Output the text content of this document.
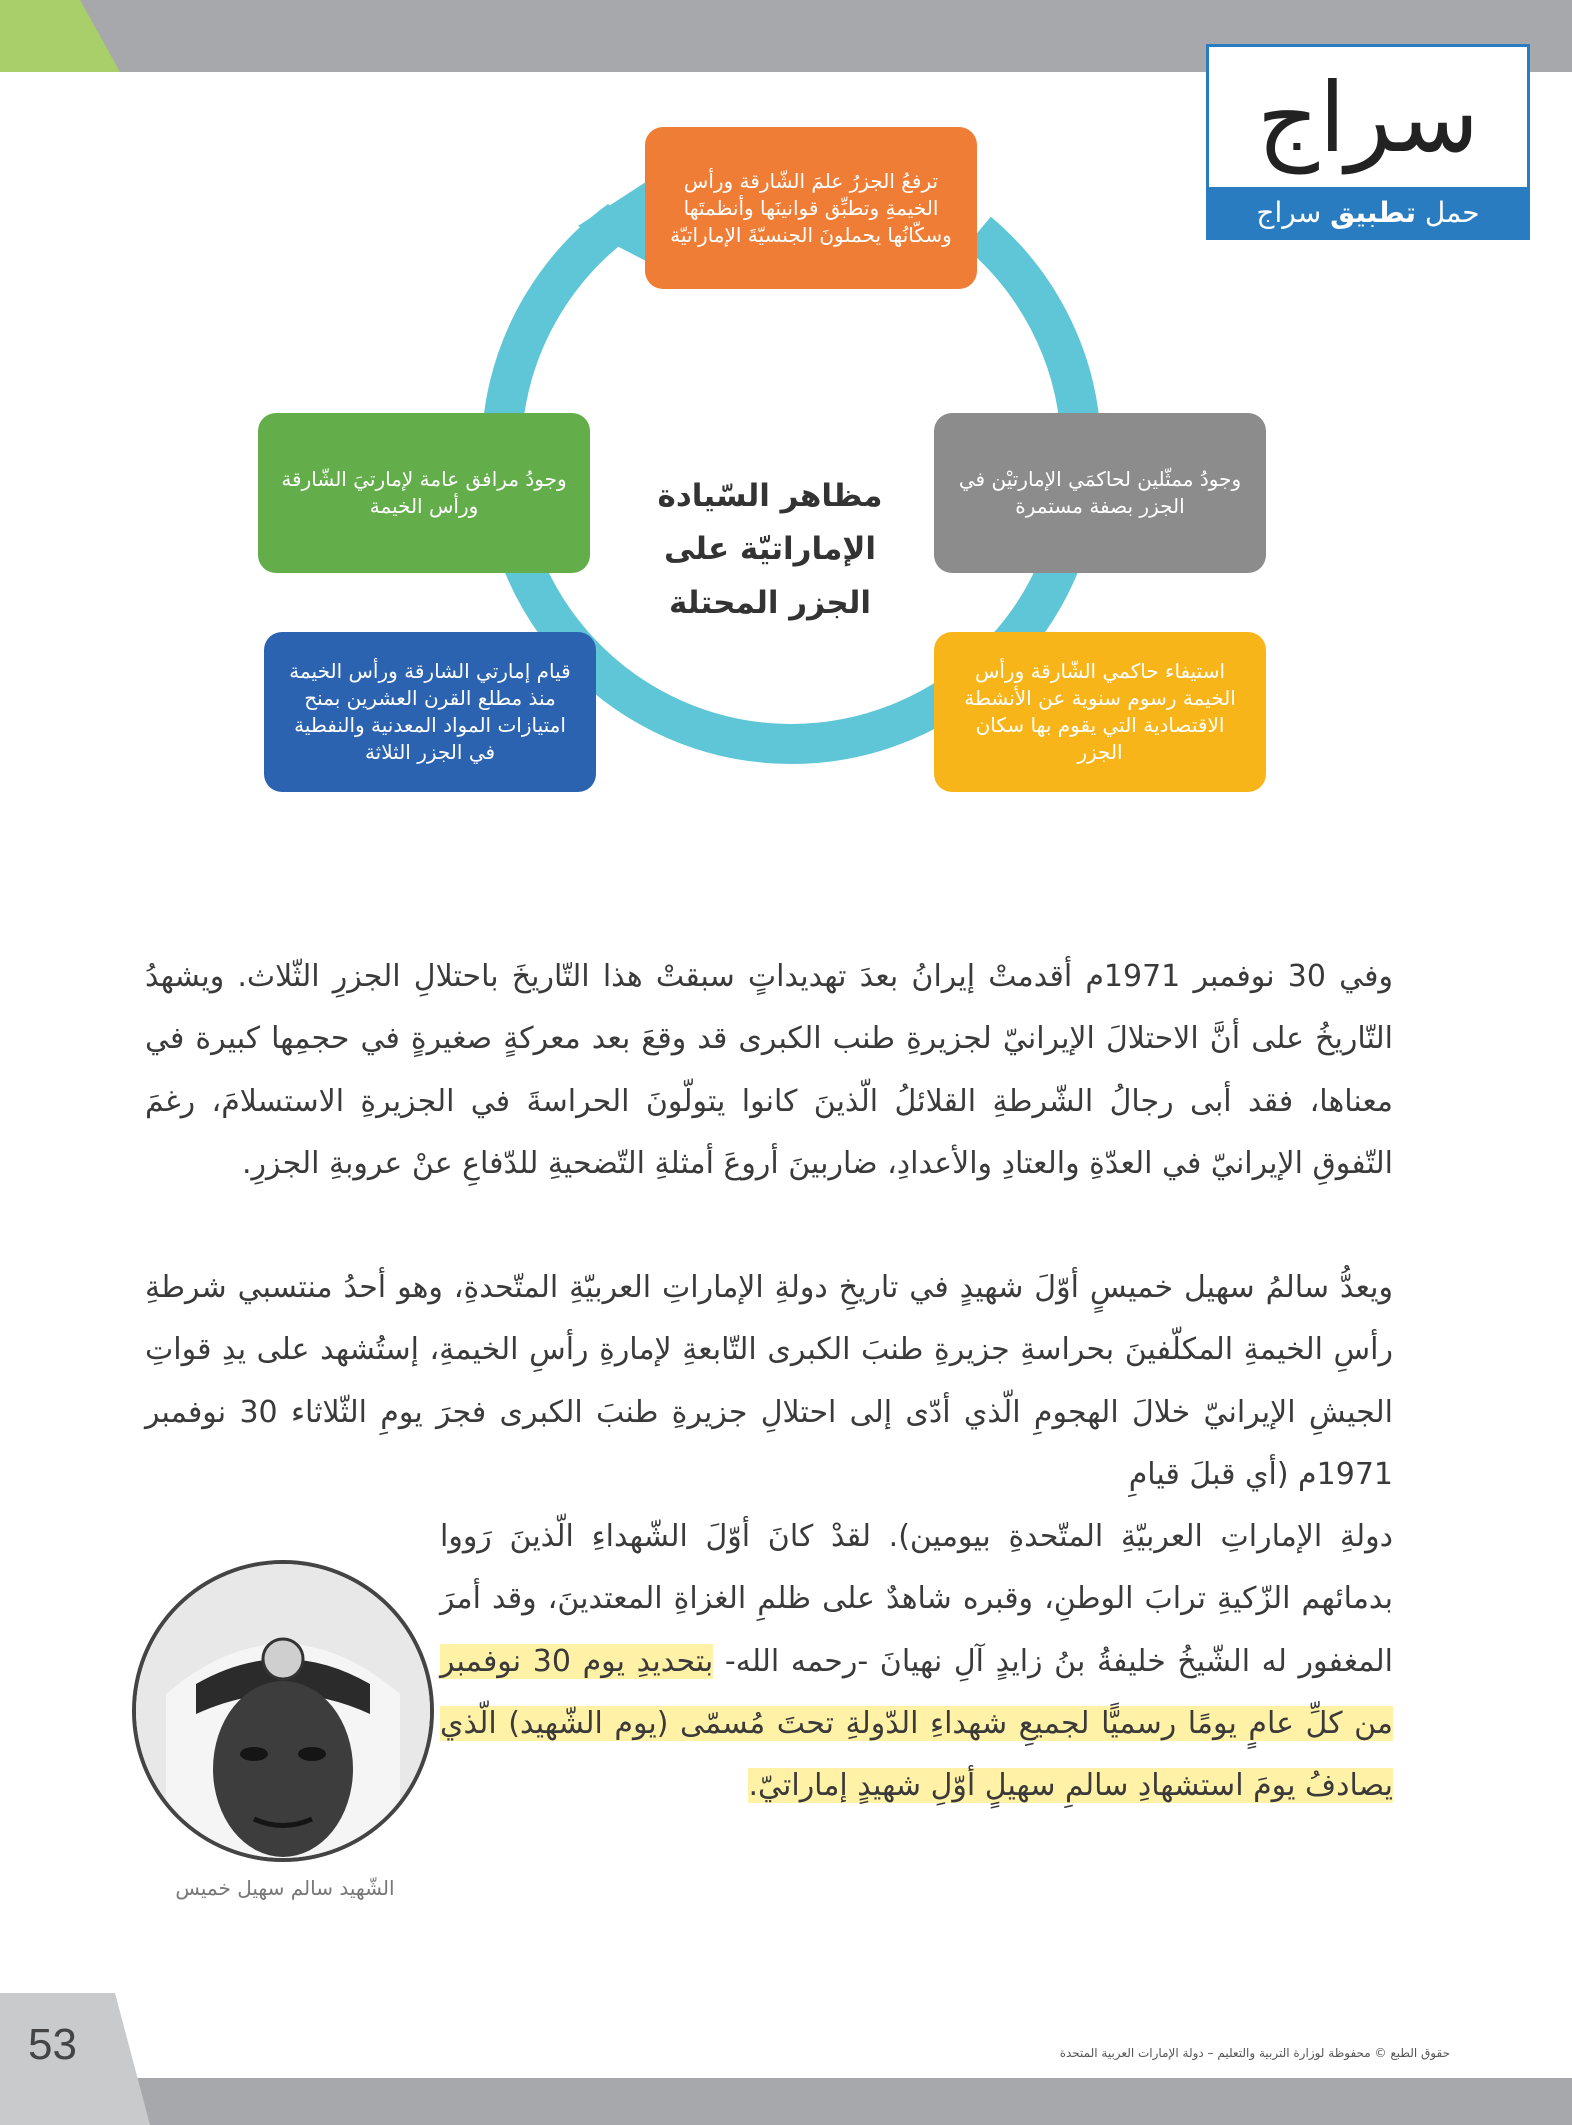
سراج
حمل

تطبيق

سراج
ترفعُ الجزرُ علمَ الشّارقة ورأس الخيمةِ وتطبِّق قوانينَها وأنظمتَها وسكّانُها يحملونَ الجنسيّةَ الإماراتيّة
وجودُ ممثّلين لحاكمَي الإمارتيْن في الجزر بصفة مستمرة
وجودُ مرافق عامة لإمارتيَ الشّارقة ورأس الخيمة
استيفاء حاكمي الشّارقة ورأس الخيمة رسوم سنوية عن الأنشطة الاقتصادية التي يقوم بها سكان الجزر
قيام إمارتي الشارقة ورأس الخيمة منذ مطلع القرن العشرين بمنح امتيازات المواد المعدنية والنفطية في الجزر الثلاثة
مظاهر السّيادة
الإماراتيّة على
الجزر المحتلة
وفي 30 نوفمبر 1971م أقدمتْ إيرانُ بعدَ تهديداتٍ سبقتْ هذا التّاريخَ باحتلالِ الجزرِ الثّلاث. ويشهدُ التّاريخُ على أنَّ الاحتلالَ الإيرانيّ لجزيرةِ طنب الكبرى قد وقعَ بعد معركةٍ صغيرةٍ في حجمِها كبيرة في معناها، فقد أبى رجالُ الشّرطةِ القلائلُ الّذينَ كانوا يتولّونَ الحراسةَ في الجزيرةِ الاستسلامَ، رغمَ التّفوقِ الإيرانيّ في العدّةِ والعتادِ والأعدادِ، ضاربينَ أروعَ أمثلةِ التّضحيةِ للدّفاعِ عنْ عروبةِ الجزرِ.
ويعدُّ سالمُ سهيل خميسٍ أوّلَ شهيدٍ في تاريخِ دولةِ الإماراتِ العربيّةِ المتّحدةِ، وهو أحدُ منتسبي شرطةِ رأسِ الخيمةِ المكلّفينَ بحراسةِ جزيرةِ طنبَ الكبرى التّابعةِ لإمارةِ رأسِ الخيمةِ، إستُشهد على يدِ قواتِ الجيشِ الإيرانيّ خلالَ الهجومِ الّذي أدّى إلى احتلالِ جزيرةِ طنبَ الكبرى فجرَ يومِ الثّلاثاء 30 نوفمبر 1971م (أي قبلَ قيامِ
دولةِ الإماراتِ العربيّةِ المتّحدةِ بيومين). لقدْ كانَ أوّلَ الشّهداءِ الّذينَ رَووا بدمائهم الزّكيةِ ترابَ الوطنِ، وقبره شاهدٌ على ظلمِ الغزاةِ المعتدينَ، وقد أمرَ المغفور له الشّيخُ خليفةُ بنُ زايدٍ آلِ نهيانَ -رحمه الله- بتحديدِ يوم 30 نوفمبر من كلِّ عامٍ يومًا رسميًّا لجميعِ شهداءِ الدّولةِ تحتَ مُسمّى (يوم الشّهيد) الّذي يصادفُ يومَ استشهادِ سالمِ سهيلٍ أوّلِ شهيدٍ إماراتيّ.
الشّهيد سالم سهيل خميس
53	حقوق الطبع © محفوظة لوزارة التربية والتعليم – دولة الإمارات العربية المتحدة
